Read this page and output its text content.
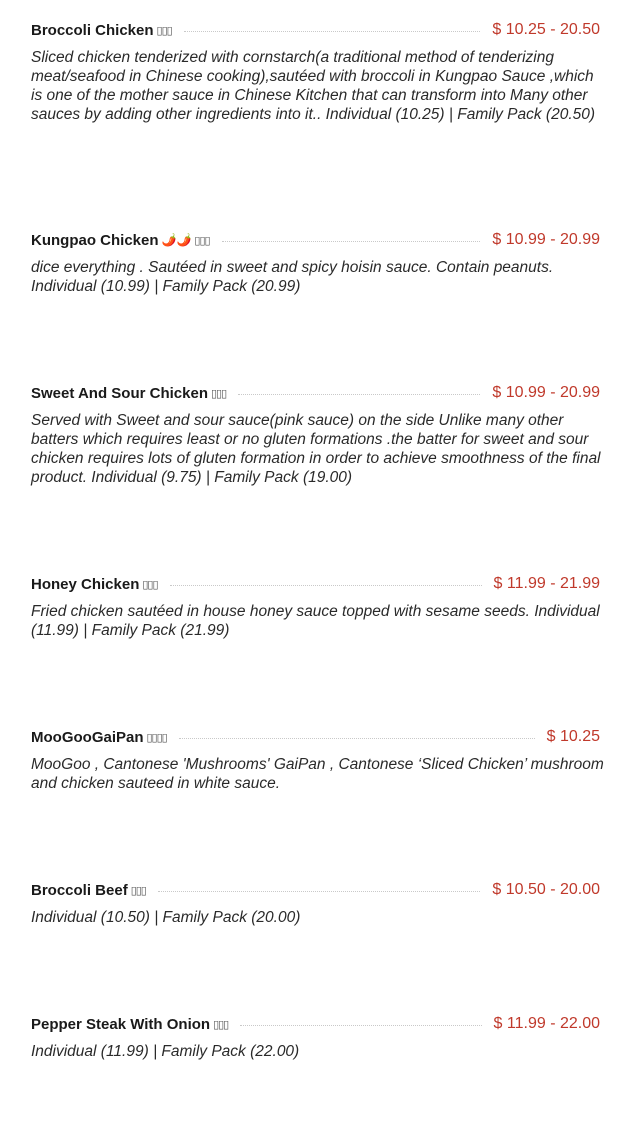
Broccoli Chicken ▯▯▯	$ 10.25 - 20.50
Sliced chicken tenderized with cornstarch(a traditional method of tenderizing meat/seafood in Chinese cooking),sautéed with broccoli in Kungpao Sauce ,which is one of the mother sauce in Chinese Kitchen that can transform into Many other sauces by adding other ingredients into it.. Individual (10.25) | Family Pack (20.50)
Kungpao Chicken 🌶️🌶️ ▯▯▯	$ 10.99 - 20.99
dice everything . Sautéed in sweet and spicy hoisin sauce. Contain peanuts. Individual (10.99) | Family Pack (20.99)
Sweet And Sour Chicken ▯▯▯	$ 10.99 - 20.99
Served with Sweet and sour sauce(pink sauce) on the side Unlike many other batters which requires least or no gluten formations .the batter for sweet and sour chicken requires lots of gluten formation in order to achieve smoothness of the final product. Individual (9.75) | Family Pack (19.00)
Honey Chicken ▯▯▯	$ 11.99 - 21.99
Fried chicken sautéed in house honey sauce topped with sesame seeds. Individual (11.99) | Family Pack (21.99)
MooGooGaiPan ▯▯▯▯	$ 10.25
MooGoo , Cantonese 'Mushrooms' GaiPan , Cantonese ‘Sliced Chicken’ mushroom and chicken sauteed in white sauce.
Broccoli Beef ▯▯▯	$ 10.50 - 20.00
Individual (10.50) | Family Pack (20.00)
Pepper Steak With Onion ▯▯▯	$ 11.99 - 22.00
Individual (11.99) | Family Pack (22.00)
